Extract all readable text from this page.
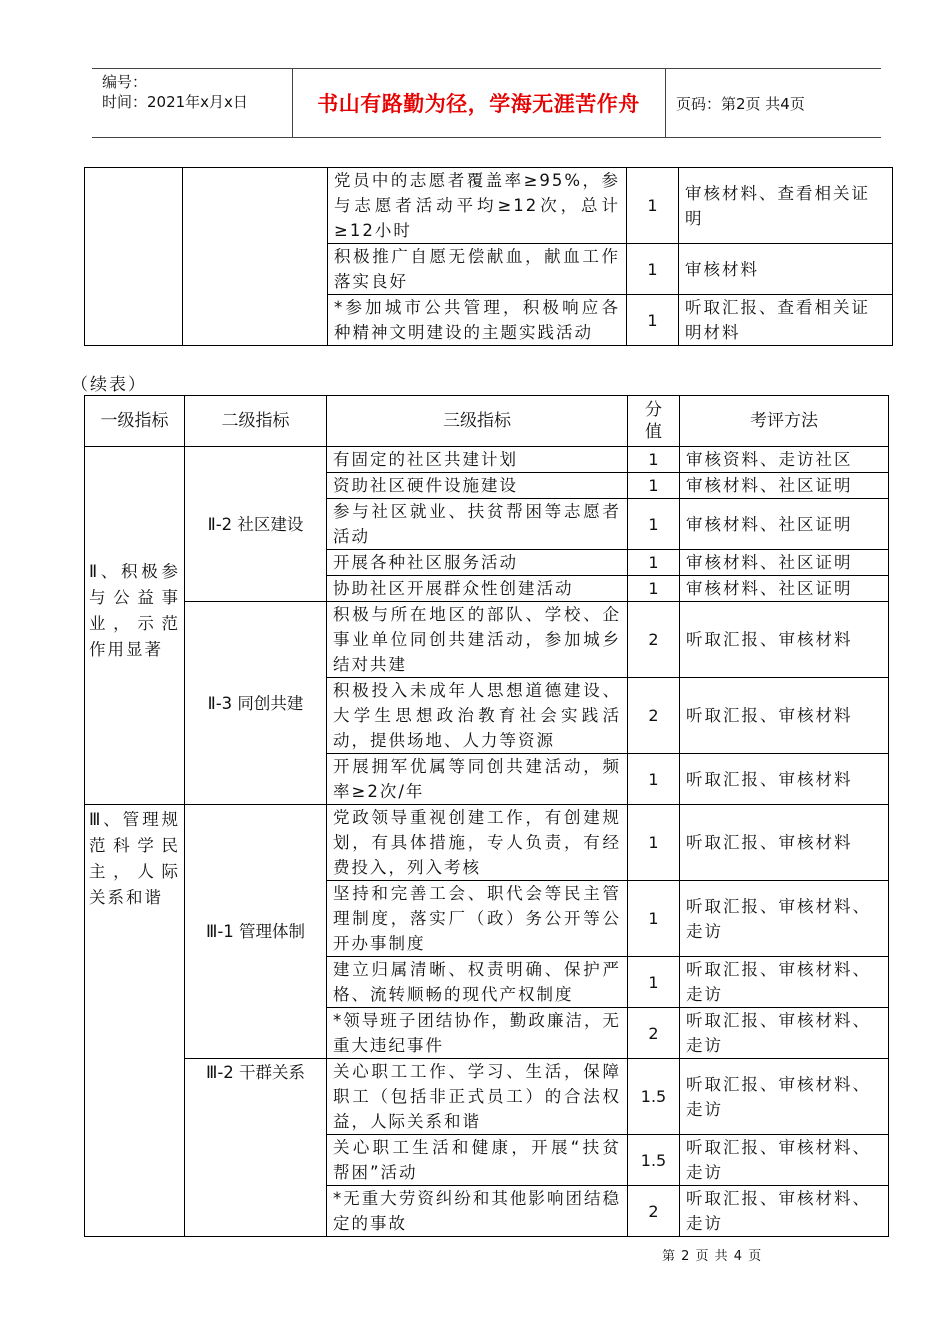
编号：
时间：2021年x月x日	书山有路勤为径，学海无涯苦作舟	页码：第2页 共4页
		党员中的志愿者覆盖率≥95%，参与志愿者活动平均≥12次，总计≥12小时	1	审核材料、查看相关证明
		积极推广自愿无偿献血，献血工作落实良好	1	审核材料
		*参加城市公共管理，积极响应各种精神文明建设的主题实践活动	1	听取汇报、查看相关证明材料
（续表）
一级指标	二级指标	三级指标	分值	考评方法
Ⅱ、积极参与公益事业，示范作用显著	Ⅱ-2 社区建设	有固定的社区共建计划	1	审核资料、走访社区
		资助社区硬件设施建设	1	审核材料、社区证明
		参与社区就业、扶贫帮困等志愿者活动	1	审核材料、社区证明
		开展各种社区服务活动	1	审核材料、社区证明
		协助社区开展群众性创建活动	1	审核材料、社区证明
	Ⅱ-3 同创共建	积极与所在地区的部队、学校、企事业单位同创共建活动，参加城乡结对共建	2	听取汇报、审核材料
		积极投入未成年人思想道德建设、大学生思想政治教育社会实践活动，提供场地、人力等资源	2	听取汇报、审核材料
		开展拥军优属等同创共建活动，频率≥2次/年	1	听取汇报、审核材料
Ⅲ、管理规范科学民主，人际关系和谐	Ⅲ-1 管理体制	党政领导重视创建工作，有创建规划，有具体措施，专人负责，有经费投入，列入考核	1	听取汇报、审核材料
		坚持和完善工会、职代会等民主管理制度，落实厂（政）务公开等公开办事制度	1	听取汇报、审核材料、走访
		建立归属清晰、权责明确、保护严格、流转顺畅的现代产权制度	1	听取汇报、审核材料、走访
		*领导班子团结协作，勤政廉洁，无重大违纪事件	2	听取汇报、审核材料、走访
	Ⅲ-2 干群关系	关心职工工作、学习、生活，保障职工（包括非正式员工）的合法权益，人际关系和谐	1.5	听取汇报、审核材料、走访
		关心职工生活和健康，开展“扶贫帮困”活动	1.5	听取汇报、审核材料、走访
		*无重大劳资纠纷和其他影响团结稳定的事故	2	听取汇报、审核材料、走访
第 2 页 共 4 页
